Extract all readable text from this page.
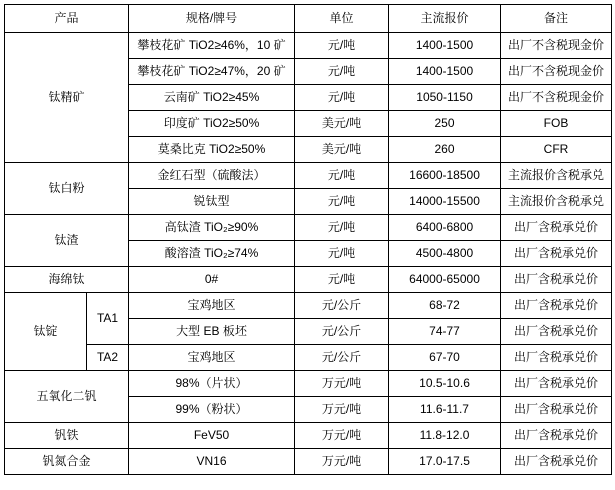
产品		规格/牌号	单位	主流报价	备注
钛精矿		攀枝花矿 TiO2≥46%，10 矿	元/吨	1400-1500	出厂不含税现金价
		攀枝花矿 TiO2≥47%，20 矿	元/吨	1400-1500	出厂不含税现金价
		云南矿 TiO2≥45%	元/吨	1050-1150	出厂不含税现金价
		印度矿 TiO2≥50%	美元/吨	250	FOB
		莫桑比克 TiO2≥50%	美元/吨	260	CFR
钛白粉		金红石型（硫酸法）	元/吨	16600-18500	主流报价含税承兑
		锐钛型	元/吨	14000-15500	主流报价含税承兑
钛渣		高钛渣 TiO₂≥90%	元/吨	6400-6800	出厂含税承兑价
		酸溶渣 TiO₂≥74%	元/吨	4500-4800	出厂含税承兑价
海绵钛		0#	元/吨	64000-65000	出厂含税承兑价
钛锭	TA1	宝鸡地区	元/公斤	68-72	出厂含税承兑价
		大型 EB 板坯	元/公斤	74-77	出厂含税承兑价
	TA2	宝鸡地区	元/公斤	67-70	出厂含税承兑价
五氧化二钒		98%（片状）	万元/吨	10.5-10.6	出厂含税承兑价
		99%（粉状）	万元/吨	11.6-11.7	出厂含税承兑价
钒铁		FeV50	万元/吨	11.8-12.0	出厂含税承兑价
钒氮合金		VN16	万元/吨	17.0-17.5	出厂含税承兑价
